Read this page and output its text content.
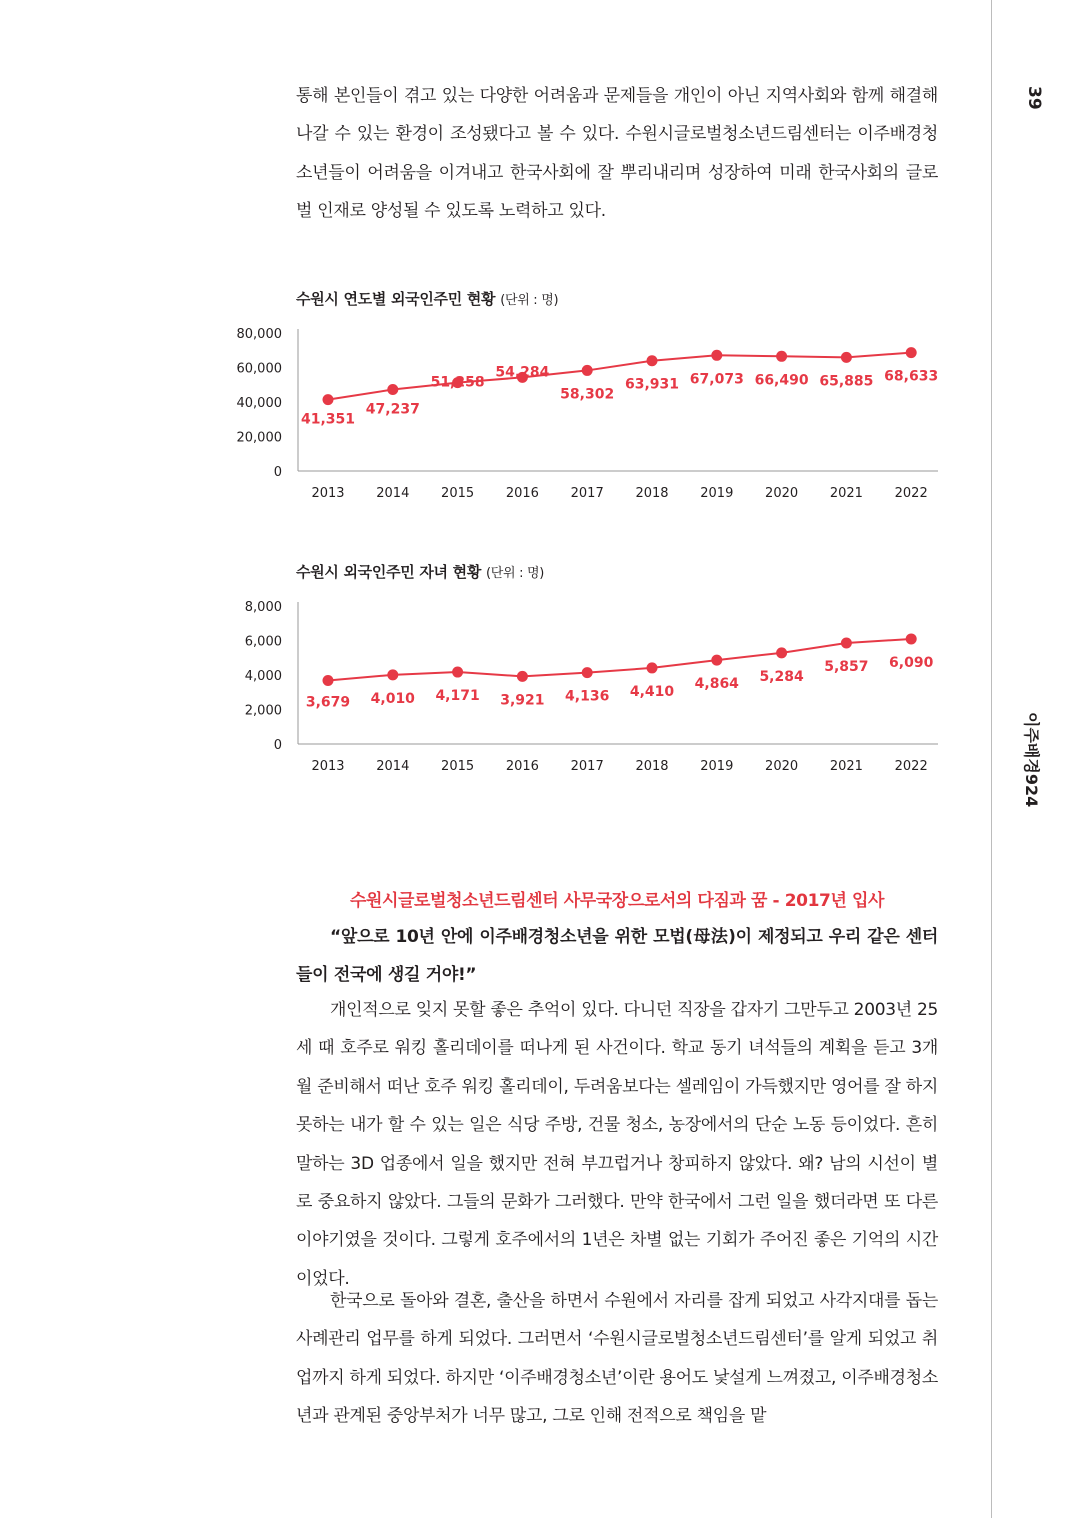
39
이주배경924

통해 본인들이 겪고 있는 다양한 어려움과 문제들을 개인이 아닌 지역사회와 함께 해결해 나갈 수 있는 환경이 조성됐다고 볼 수 있다. 수원시글로벌청소년드림센터는 이주배경청소년들이 어려움을 이겨내고 한국사회에 잘 뿌리내리며 성장하여 미래 한국사회의 글로벌 인재로 양성될 수 있도록 노력하고 있다.

수원시 연도별 외국인주민 현황 (단위 : 명)
80,000
60,000
40,000
20,000
0
2013 2014 2015 2016 2017 2018 2019 2020 2021 2022
41,351
47,237
51,258
54,284
58,302
63,931 67,073 66,490 65,885 68,633
수원시 외국인주민 자녀 현황 (단위 : 명)
8,000
6,000
4,000
2,000
0
2013 2014 2015 2016 2017 2018 2019 2020 2021 2022
3,679 4,010 4,171 3,921 4,136 4,410 4,864 5,284
5,857 6,090

수원시글로벌청소년드림센터 사무국장으로서의 다짐과 꿈 - 2017년 입사

“앞으로 10년 안에 이주배경청소년을 위한 모법(母法)이 제정되고 우리 같은 센터들이 전국에 생길 거야!”

개인적으로 잊지 못할 좋은 추억이 있다. 다니던 직장을 갑자기 그만두고 2003년 25세 때 호주로 워킹 홀리데이를 떠나게 된 사건이다. 학교 동기 녀석들의 계획을 듣고 3개월 준비해서 떠난 호주 워킹 홀리데이, 두려움보다는 셀레임이 가득했지만 영어를 잘 하지 못하는 내가 할 수 있는 일은 식당 주방, 건물 청소, 농장에서의 단순 노동 등이었다. 흔히 말하는 3D 업종에서 일을 했지만 전혀 부끄럽거나 창피하지 않았다. 왜? 남의 시선이 별로 중요하지 않았다. 그들의 문화가 그러했다. 만약 한국에서 그런 일을 했더라면 또 다른 이야기였을 것이다. 그렇게 호주에서의 1년은 차별 없는 기회가 주어진 좋은 기억의 시간이었다.

한국으로 돌아와 결혼, 출산을 하면서 수원에서 자리를 잡게 되었고 사각지대를 돕는 사례관리 업무를 하게 되었다. 그러면서 ‘수원시글로벌청소년드림센터’를 알게 되었고 취업까지 하게 되었다. 하지만 ‘이주배경청소년’이란 용어도 낯설게 느껴졌고, 이주배경청소년과 관계된 중앙부처가 너무 많고, 그로 인해 전적으로 책임을 맡
